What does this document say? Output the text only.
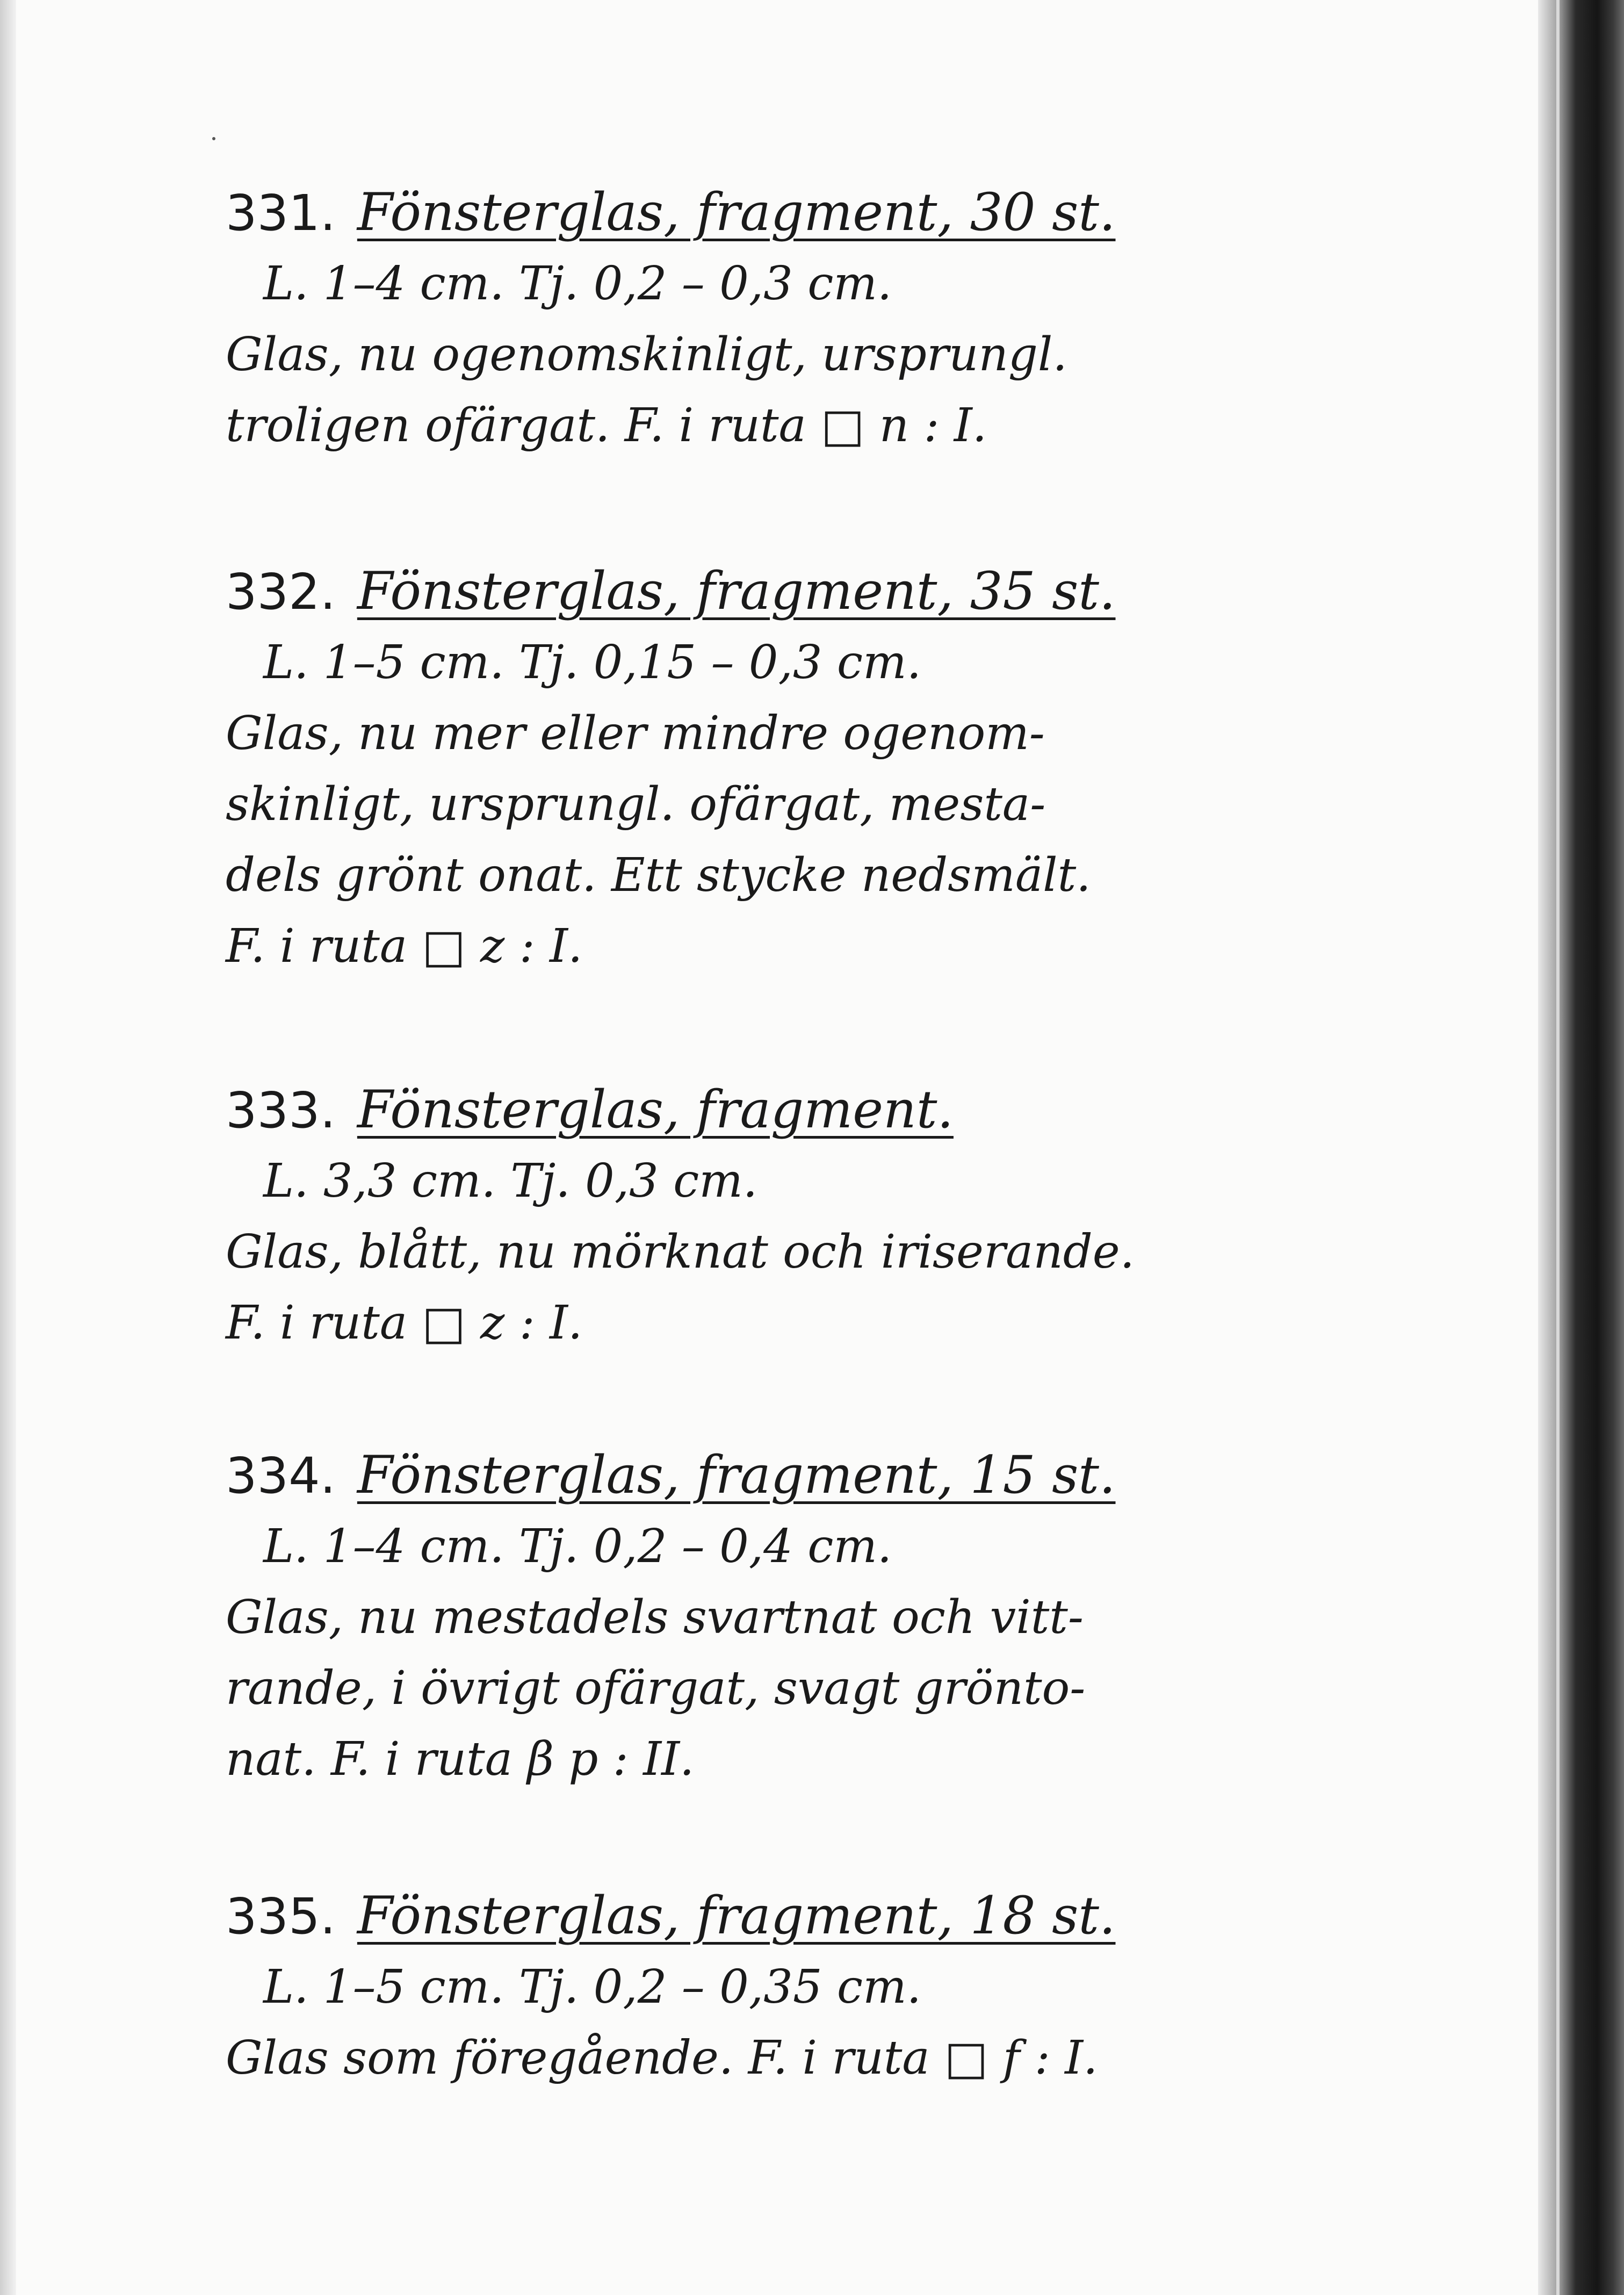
331. Fönsterglas, fragment, 30 st.
L. 1–4 cm. Tj. 0,2 – 0,3 cm.
Glas, nu ogenomskinligt, ursprungl.
troligen ofärgat. F. i ruta □ n : I.
332. Fönsterglas, fragment, 35 st.
L. 1–5 cm. Tj. 0,15 – 0,3 cm.
Glas, nu mer eller mindre ogenom-
skinligt, ursprungl. ofärgat, mesta-
dels grönt onat. Ett stycke nedsmält.
F. i ruta □ z : I.
333. Fönsterglas, fragment.
L. 3,3 cm. Tj. 0,3 cm.
Glas, blått, nu mörknat och iriserande.
F. i ruta □ z : I.
334. Fönsterglas, fragment, 15 st.
L. 1–4 cm. Tj. 0,2 – 0,4 cm.
Glas, nu mestadels svartnat och vitt-
rande, i övrigt ofärgat, svagt grönto-
nat. F. i ruta β p : II.
335. Fönsterglas, fragment, 18 st.
L. 1–5 cm. Tj. 0,2 – 0,35 cm.
Glas som föregående. F. i ruta □ f : I.
